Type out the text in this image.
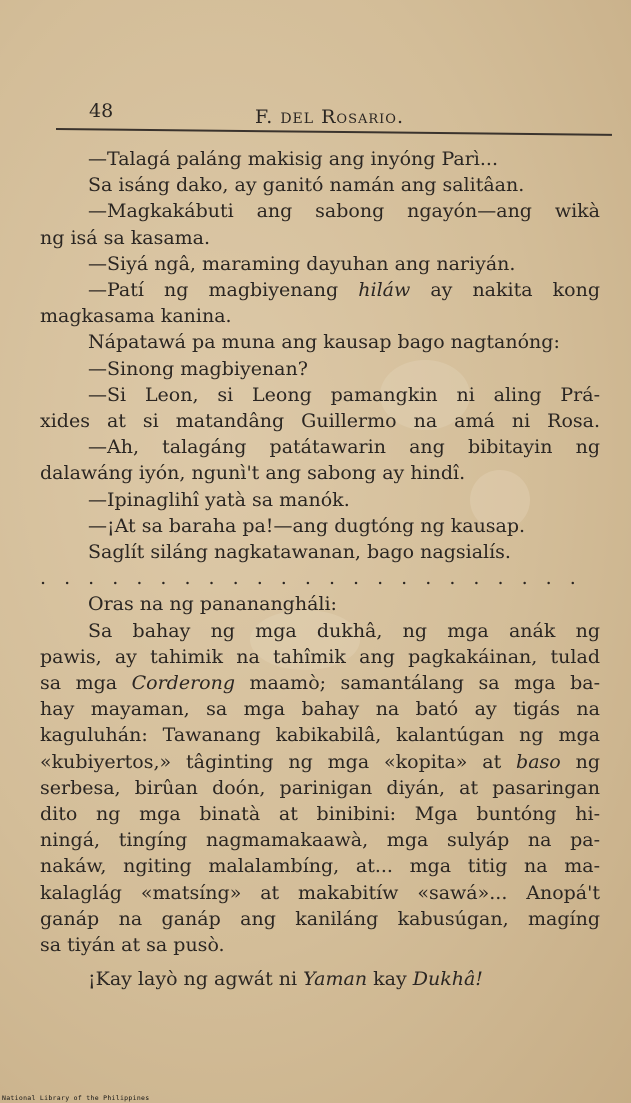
48	F. DEL Rosario.
—Talagá paláng makisig ang inyóng Parì...
Sa isáng dako, ay ganitó namán ang salitâan.
—Magkakábuti ang sabong ngayón—ang wikà
ng isá sa kasama.
—Siyá ngâ, maraming dayuhan ang nariyán.
—Patí ng magbiyenang hiláw ay nakita kong
magkasama kanina.
Nápatawá pa muna ang kausap bago nagtanóng:
—Sinong magbiyenan?
—Si Leon, si Leong pamangkin ni aling Prá-
xides at si matandâng Guillermo na amá ni Rosa.
—Ah, talagáng patátawarin ang bibitayin ng
dalawáng iyón, ngunì't ang sabong ay hindî.
—Ipinaglihî yatà sa manók.
—¡At sa baraha pa!—ang dugtóng ng kausap.
Saglít siláng nagkatawanan, bago nagsialís.
. . . . . . . . . . . . . . . . . . . . . . .
Oras na ng pananangháli:
Sa bahay ng mga dukhâ, ng mga anák ng
pawis, ay tahimik na tahîmik ang pagkakáinan, tulad
sa mga Corderong maamò; samantálang sa mga ba-
hay mayaman, sa mga bahay na bató ay tigás na
kaguluhán: Tawanang kabikabilâ, kalantúgan ng mga
«kubiyertos,» tâginting ng mga «kopita» at baso ng
serbesa, birûan doón, parinigan diyán, at pasaringan
dito ng mga binatà at binibini: Mga buntóng hi-
ningá, tingíng nagmamakaawà, mga sulyáp na pa-
nakáw, ngiting malalambíng, at... mga titig na ma-
kalaglág «matsíng» at makabitíw «sawá»... Anopá't
ganáp na ganáp ang kaniláng kabusúgan, magíng
sa tiyán at sa pusò.
¡Kay layò ng agwát ni Yaman kay Dukhâ!
National Library of the Philippines
